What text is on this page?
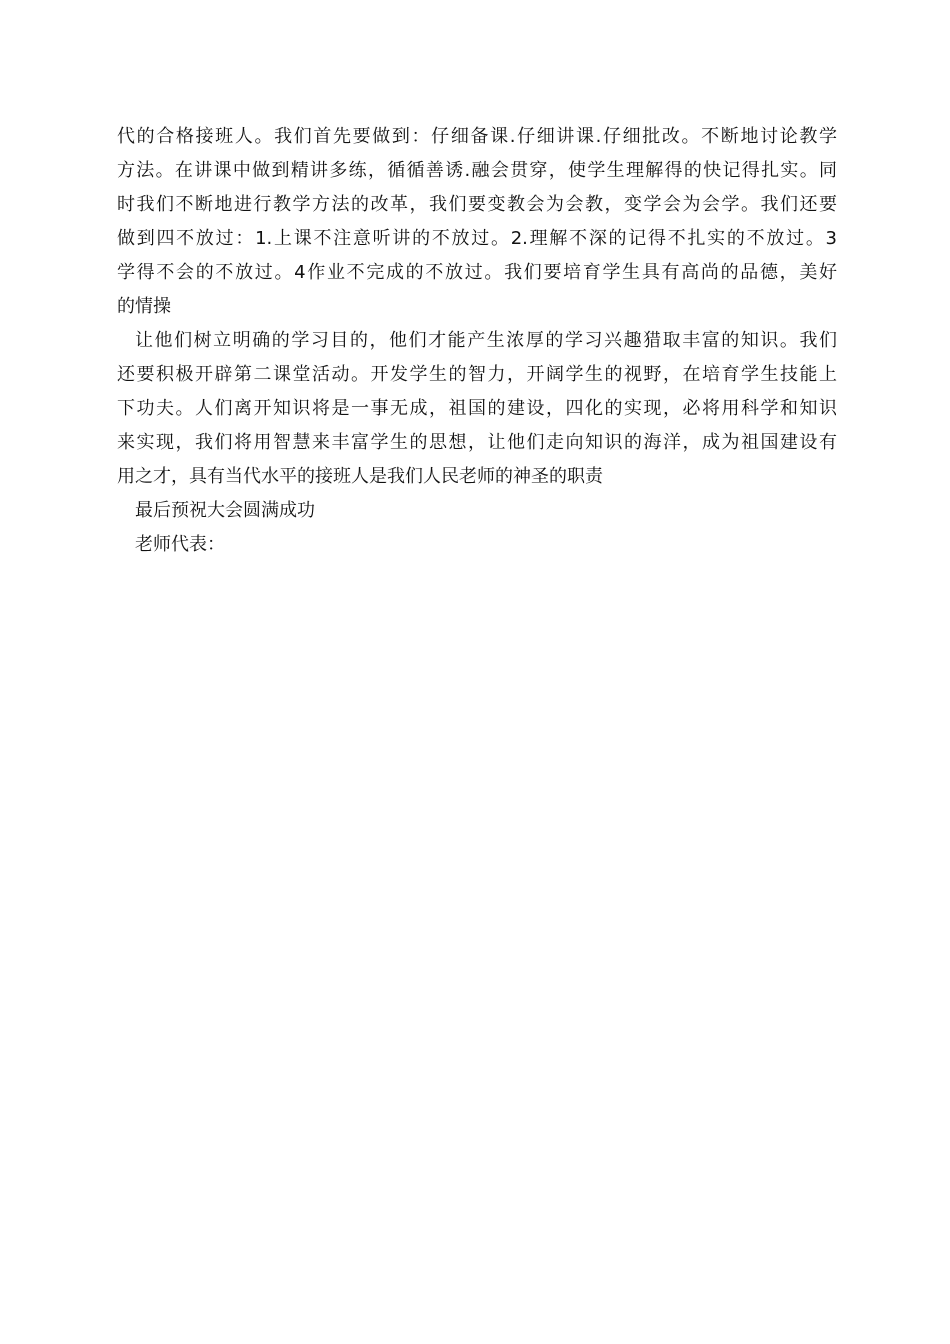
代的合格接班人。我们首先要做到：仔细备课.仔细讲课.仔细批改。不断地讨论教学
方法。在讲课中做到精讲多练，循循善诱.融会贯穿，使学生理解得的快记得扎实。同
时我们不断地进行教学方法的改革，我们要变教会为会教，变学会为会学。我们还要
做到四不放过：1.上课不注意听讲的不放过。2.理解不深的记得不扎实的不放过。3
学得不会的不放过。4作业不完成的不放过。我们要培育学生具有高尚的品德，美好
的情操
让他们树立明确的学习目的，他们才能产生浓厚的学习兴趣猎取丰富的知识。我们
还要积极开辟第二课堂活动。开发学生的智力，开阔学生的视野，在培育学生技能上
下功夫。人们离开知识将是一事无成，祖国的建设，四化的实现，必将用科学和知识
来实现，我们将用智慧来丰富学生的思想，让他们走向知识的海洋，成为祖国建设有
用之才，具有当代水平的接班人是我们人民老师的神圣的职责
最后预祝大会圆满成功
老师代表：
